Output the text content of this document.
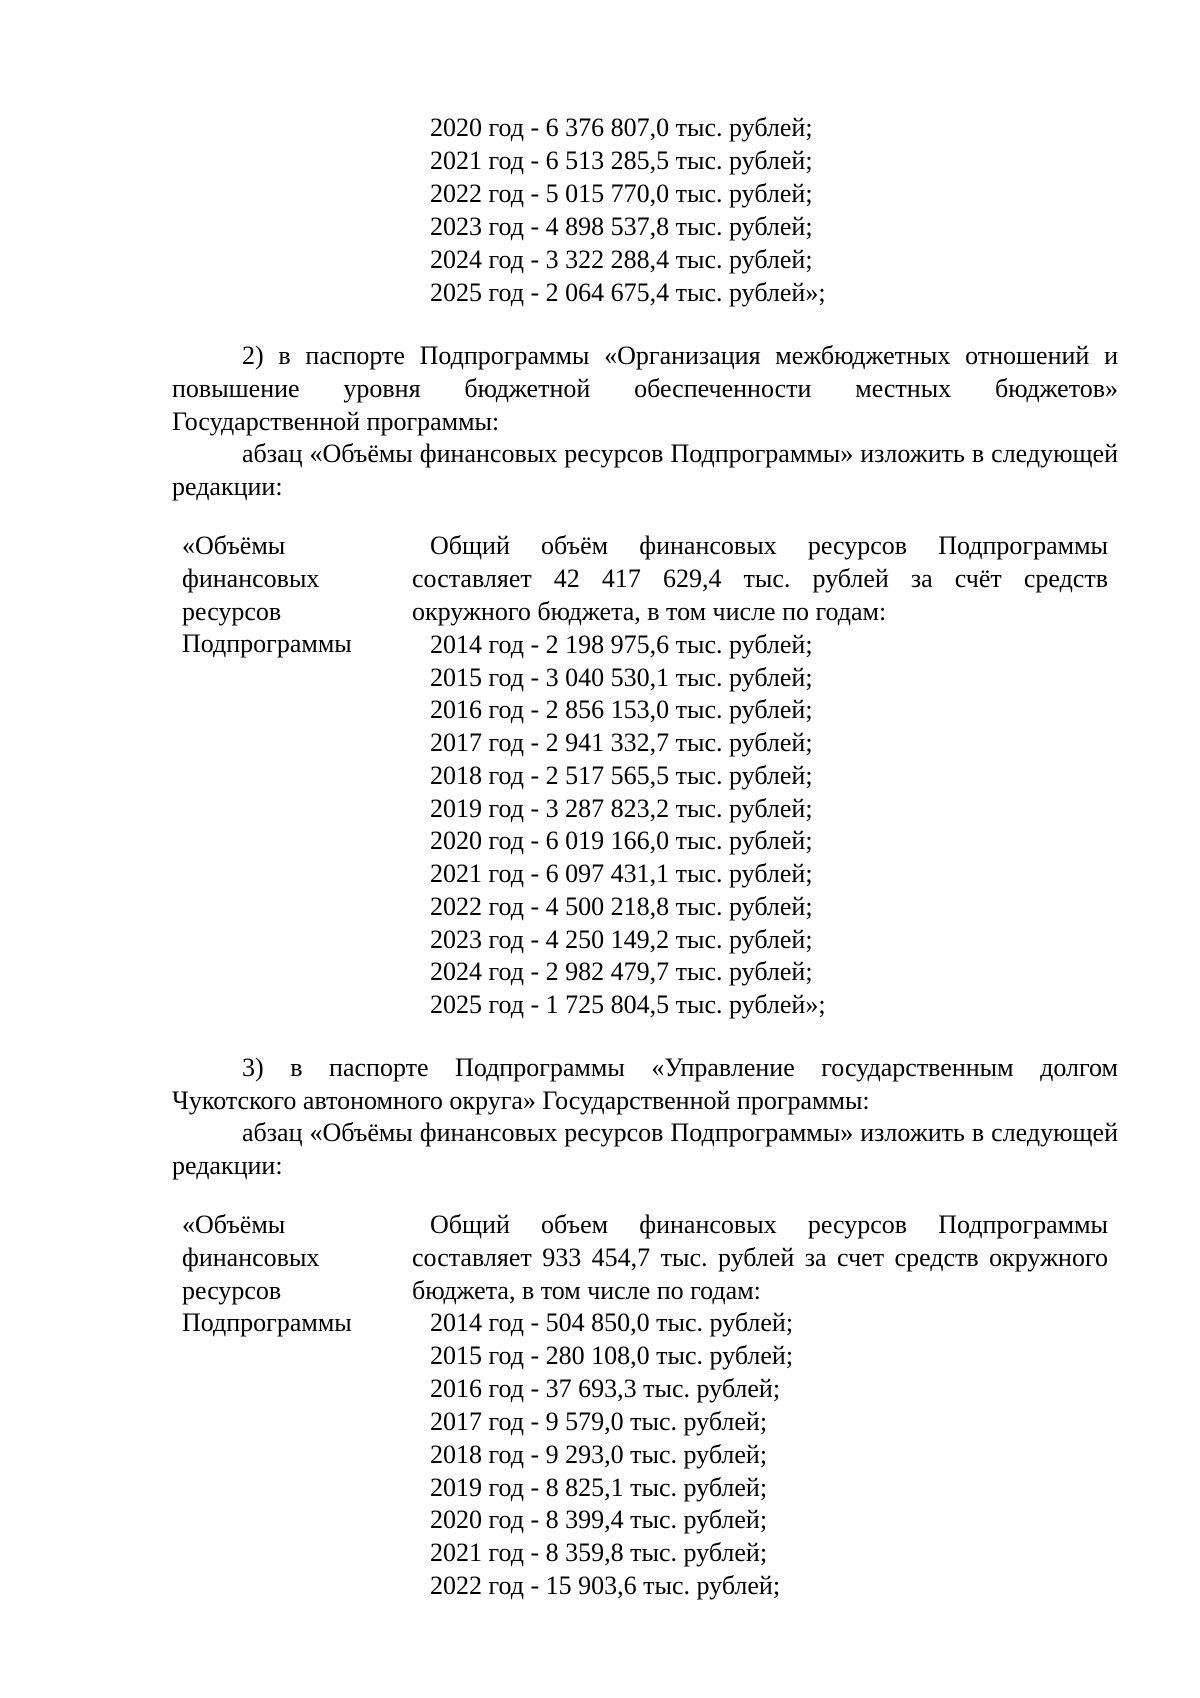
2020 год - 6 376 807,0 тыс. рублей;
2021 год - 6 513 285,5 тыс. рублей;
2022 год - 5 015 770,0 тыс. рублей;
2023 год - 4 898 537,8 тыс. рублей;
2024 год - 3 322 288,4 тыс. рублей;
2025 год - 2 064 675,4 тыс. рублей»;
2) в паспорте Подпрограммы «Организация межбюджетных отношений и повышение уровня бюджетной обеспеченности местных бюджетов» Государственной программы:
абзац «Объёмы финансовых ресурсов Подпрограммы» изложить в следующей редакции:
«Объёмы
финансовых
ресурсов
Подпрограммы
Общий объём финансовых ресурсов Подпрограммы составляет 42 417 629,4 тыс. рублей за счёт средств окружного бюджета, в том числе по годам:
2014 год - 2 198 975,6 тыс. рублей;
2015 год - 3 040 530,1 тыс. рублей;
2016 год - 2 856 153,0 тыс. рублей;
2017 год - 2 941 332,7 тыс. рублей;
2018 год - 2 517 565,5 тыс. рублей;
2019 год - 3 287 823,2 тыс. рублей;
2020 год - 6 019 166,0 тыс. рублей;
2021 год - 6 097 431,1 тыс. рублей;
2022 год - 4 500 218,8 тыс. рублей;
2023 год - 4 250 149,2 тыс. рублей;
2024 год - 2 982 479,7 тыс. рублей;
2025 год - 1 725 804,5 тыс. рублей»;
3) в паспорте Подпрограммы «Управление государственным долгом Чукотского автономного округа» Государственной программы:
абзац «Объёмы финансовых ресурсов Подпрограммы» изложить в следующей редакции:
«Объёмы
финансовых
ресурсов
Подпрограммы
Общий объем финансовых ресурсов Подпрограммы составляет 933 454,7 тыс. рублей за счет средств окружного бюджета, в том числе по годам:
2014 год - 504 850,0 тыс. рублей;
2015 год - 280 108,0 тыс. рублей;
2016 год - 37 693,3 тыс. рублей;
2017 год - 9 579,0 тыс. рублей;
2018 год - 9 293,0 тыс. рублей;
2019 год - 8 825,1 тыс. рублей;
2020 год - 8 399,4 тыс. рублей;
2021 год - 8 359,8 тыс. рублей;
2022 год - 15 903,6 тыс. рублей;
